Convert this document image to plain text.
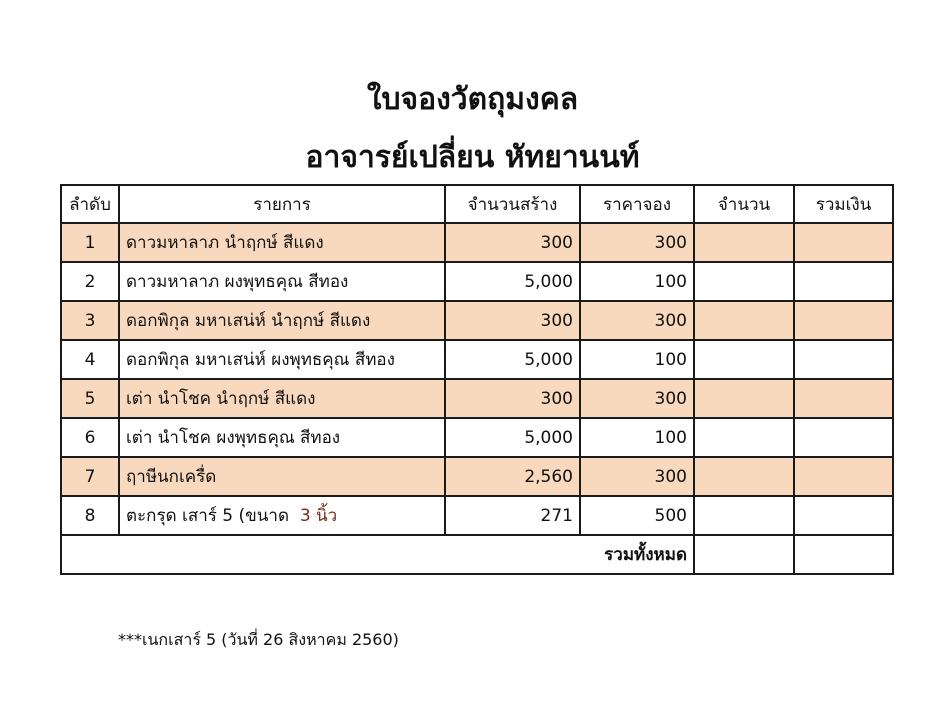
ใบจองวัตถุมงคล
อาจารย์เปลี่ยน หัทยานนท์
ลำดับ	รายการ	จำนวนสร้าง	ราคาจอง	จำนวน	รวมเงิน
1	ดาวมหาลาภ นำฤกษ์ สีแดง	300	300		
2	ดาวมหาลาภ ผงพุทธคุณ สีทอง	5,000	100		
3	ดอกพิกุล มหาเสน่ห์ นำฤกษ์ สีแดง	300	300		
4	ดอกพิกุล มหาเสน่ห์ ผงพุทธคุณ สีทอง	5,000	100		
5	เต่า นำโชค นำฤกษ์ สีแดง	300	300		
6	เต่า นำโชค ผงพุทธคุณ สีทอง	5,000	100		
7	ฤาษีนกเครื่ด	2,560	300		
8	ตะกรุด เสาร์ 5 (ขนาด 3 นิ้ว	271	500		
รวมทั้งหมด					
***เนกเสาร์ 5 (วันที่ 26 สิงหาคม 2560)
